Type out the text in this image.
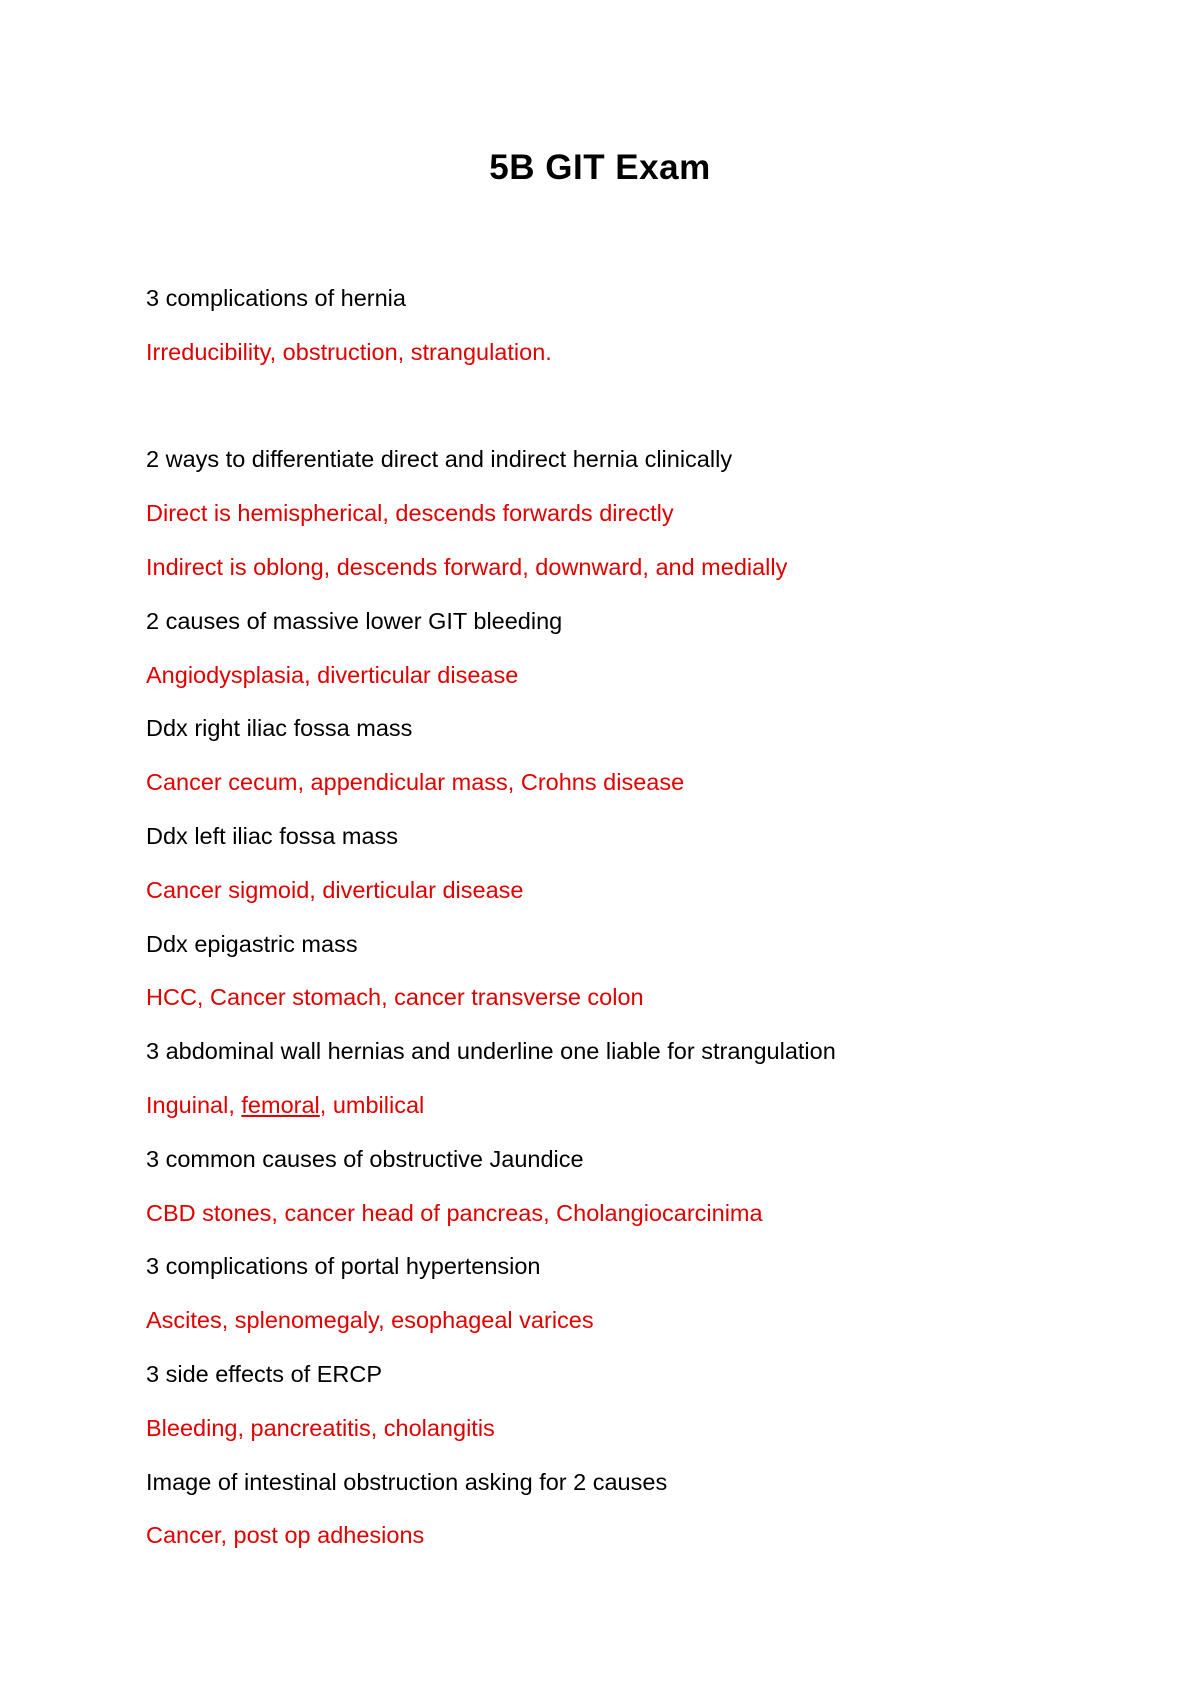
5B GIT Exam
3 complications of hernia
Irreducibility, obstruction, strangulation.
2 ways to differentiate direct and indirect hernia clinically
Direct is hemispherical, descends forwards directly
Indirect is oblong, descends forward, downward, and medially
2 causes of massive lower GIT bleeding
Angiodysplasia, diverticular disease
Ddx right iliac fossa mass
Cancer cecum, appendicular mass, Crohns disease
Ddx left iliac fossa mass
Cancer sigmoid, diverticular disease
Ddx epigastric mass
HCC, Cancer stomach, cancer transverse colon
3 abdominal wall hernias and underline one liable for strangulation
Inguinal, femoral, umbilical
3 common causes of obstructive Jaundice
CBD stones, cancer head of pancreas, Cholangiocarcinima
3 complications of portal hypertension
Ascites, splenomegaly, esophageal varices
3 side effects of ERCP
Bleeding, pancreatitis, cholangitis
Image of intestinal obstruction asking for 2 causes
Cancer, post op adhesions
